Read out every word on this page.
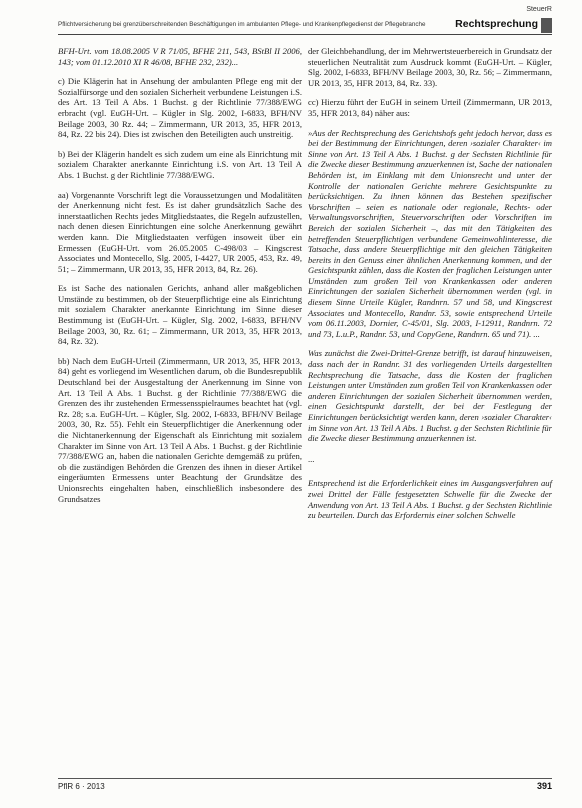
Pflichtversicherung bei grenzüberschreitenden Beschäftigungen im ambulanten Pflege- und Krankenpflegedienst der Pflegebranche	Rechtsprechung
SteuerR

BFH-Urt. vom 18.08.2005 V R 71/05, BFHE 211, 543, BStBl II 2006, 143; vom 01.12.2010 XI R 46/08, BFHE 232, 232)...

c) Die Klägerin hat in Ansehung der ambulanten Pflege eng mit der Sozialfürsorge und den sozialen Sicherheit verbundene Leistungen i.S. des Art. 13 Teil A Abs. 1 Buchst. g der Richtlinie 77/388/EWG erbracht (vgl. EuGH-Urt. – Kügler in Slg. 2002, I-6833, BFH/NV Beilage 2003, 30 Rz. 44; – Zimmermann, UR 2013, 35, HFR 2013, 84, Rz. 22 bis 24). Dies ist zwischen den Beteiligten auch unstreitig.

b) Bei der Klägerin handelt es sich zudem um eine als Einrichtung mit sozialem Charakter anerkannte Einrichtung i.S. von Art. 13 Teil A Abs. 1 Buchst. g der Richtlinie 77/388/EWG.

aa) Vorgenannte Vorschrift legt die Voraussetzungen und Modalitäten der Anerkennung nicht fest. Es ist daher grundsätzlich Sache des innerstaatlichen Rechts jedes Mitgliedstaates, die Regeln aufzustellen, nach denen diesen Einrichtungen eine solche Anerkennung gewährt werden kann. Die Mitgliedstaaten verfügen insoweit über ein Ermessen (EuGH-Urt. vom 26.05.2005 C-498/03 – Kingscrest Associates und Montecello, Slg. 2005, I-4427, UR 2005, 453, Rz. 49, 51; – Zimmermann, UR 2013, 35, HFR 2013, 84, Rz. 26).

Es ist Sache des nationalen Gerichts, anhand aller maßgeblichen Umstände zu bestimmen, ob der Steuerpflichtige eine als Einrichtung mit sozialem Charakter anerkannte Einrichtung im Sinne dieser Bestimmung ist (EuGH-Urt. – Kügler, Slg. 2002, I-6833, BFH/NV Beilage 2003, 30, Rz. 61; – Zimmermann, UR 2013, 35, HFR 2013, 84, Rz. 32).

bb) Nach dem EuGH-Urteil (Zimmermann, UR 2013, 35, HFR 2013, 84) geht es vorliegend im Wesentlichen darum, ob die Bundesrepublik Deutschland bei der Ausgestaltung der Anerkennung im Sinne von Art. 13 Teil A Abs. 1 Buchst. g der Richtlinie 77/388/EWG die Grenzen des ihr zustehenden Ermessensspielraumes beachtet hat (vgl. Rz. 28; s.a. EuGH-Urt. – Kügler, Slg. 2002, I-6833, BFH/NV Beilage 2003, 30, Rz. 55). Fehlt ein Steuerpflichtiger die Anerkennung oder die Nichtanerkennung der Eigenschaft als Einrichtung mit sozialem Charakter im Sinne von Art. 13 Teil A Abs. 1 Buchst. g der Richtlinie 77/388/EWG an, haben die nationalen Gerichte demgemäß zu prüfen, ob die zuständigen Behörden die Grenzen des ihnen in dieser Artikel eingeräumten Ermessens unter Beachtung der Grundsätze des Unionsrechts eingehalten haben, einschließlich insbesondere des Grundsatzes

der Gleichbehandlung, der im Mehrwertsteuerbereich in Grundsatz der steuerlichen Neutralität zum Ausdruck kommt (EuGH-Urt. – Kügler, Slg. 2002, I-6833, BFH/NV Beilage 2003, 30, Rz. 56; – Zimmermann, UR 2013, 35, HFR 2013, 84, Rz. 33).

cc) Hierzu führt der EuGH in seinem Urteil (Zimmermann, UR 2013, 35, HFR 2013, 84) näher aus:

»Aus der Rechtsprechung des Gerichtshofs geht jedoch hervor, dass es bei der Bestimmung der Einrichtungen, deren ›sozialer Charakter‹ im Sinne von Art. 13 Teil A Abs. 1 Buchst. g der Sechsten Richtlinie für die Zwecke dieser Bestimmung anzuerkennen ist, Sache der nationalen Behörden ist, im Einklang mit dem Unionsrecht und unter der Kontrolle der nationalen Gerichte mehrere Gesichtspunkte zu berücksichtigen. Zu ihnen können das Bestehen spezifischer Vorschriften – seien es nationale oder regionale, Rechts- oder Verwaltungsvorschriften, Steuervorschriften oder Vorschriften im Bereich der sozialen Sicherheit –, das mit den Tätigkeiten des betreffenden Steuerpflichtigen verbundene Gemeinwohlinteresse, die Tatsache, dass andere Steuerpflichtige mit den gleichen Tätigkeiten bereits in den Genuss einer ähnlichen Anerkennung kommen, und der Gesichtspunkt zählen, dass die Kosten der fraglichen Leistungen unter Umständen zum großen Teil von Krankenkassen oder anderen Einrichtungen der sozialen Sicherheit übernommen werden (vgl. in diesem Sinne Urteile Kügler, Randnrn. 57 und 58, und Kingscrest Associates und Montecello, Randnr. 53, sowie entsprechend Urteile vom 06.11.2003, Dornier, C-45/01, Slg. 2003, I-12911, Randnrn. 72 und 73, L.u.P., Randnr. 53, und CopyGene, Randnrn. 65 und 71). ...

Was zunächst die Zwei-Drittel-Grenze betrifft, ist darauf hinzuweisen, dass nach der in Randnr. 31 des vorliegenden Urteils dargestellten Rechtsprechung die Tatsache, dass die Kosten der fraglichen Leistungen unter Umständen zum großen Teil von Krankenkassen oder anderen Einrichtungen der sozialen Sicherheit übernommen werden, einen Gesichtspunkt darstellt, der bei der Festlegung der Einrichtungen berücksichtigt werden kann, deren ›sozialer Charakter‹ im Sinne von Art. 13 Teil A Abs. 1 Buchst. g der Sechsten Richtlinie für die Zwecke dieser Bestimmung anzuerkennen ist.

...

Entsprechend ist die Erforderlichkeit eines im Ausgangsverfahren auf zwei Drittel der Fälle festgesetzten Schwelle für die Zwecke der Anwendung von Art. 13 Teil A Abs. 1 Buchst. g der Sechsten Richtlinie zu beurteilen. Durch das Erfordernis einer solchen Schwelle

PflR 6 · 2013	391
